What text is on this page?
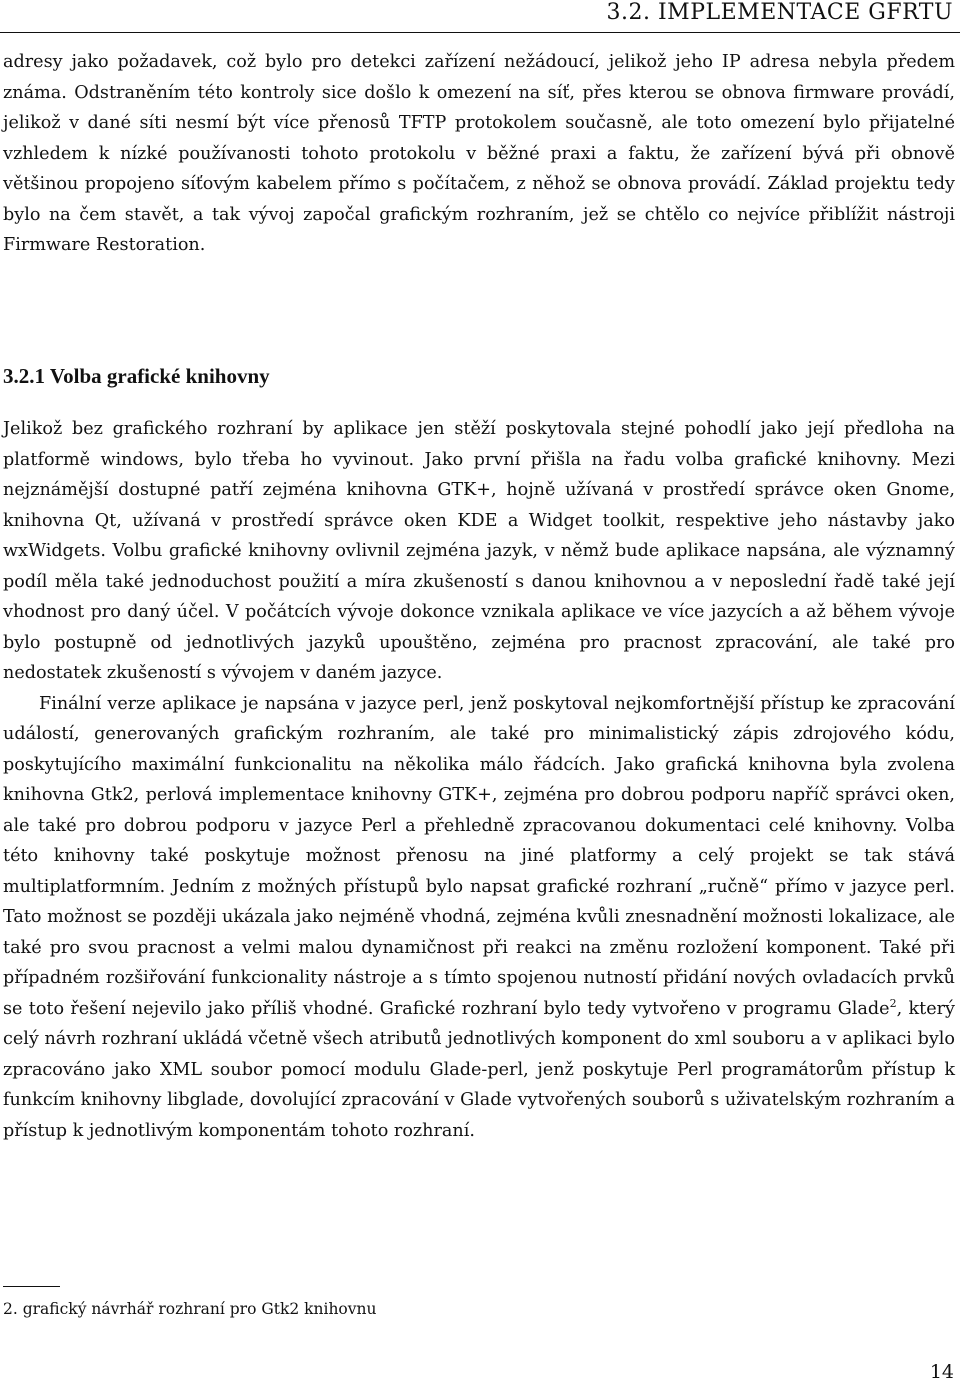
3.2. IMPLEMENTACE GFRTU

adresy jako požadavek, což bylo pro detekci zařízení nežádoucí, jelikož jeho IP adresa nebyla předem známa. Odstraněním této kontroly sice došlo k omezení na síť, přes kterou se obnova firmware provádí, jelikož v dané síti nesmí být více přenosů TFTP protokolem současně, ale toto omezení bylo přijatelné vzhledem k nízké používanosti tohoto protokolu v běžné praxi a faktu, že zařízení bývá při obnově většinou propojeno síťovým kabelem přímo s počítačem, z něhož se obnova provádí. Základ projektu tedy bylo na čem stavět, a tak vývoj započal grafickým rozhraním, jež se chtělo co nejvíce přiblížit nástroji Firmware Restoration.

3.2.1 Volba grafické knihovny

Jelikož bez grafického rozhraní by aplikace jen stěží poskytovala stejné pohodlí jako její předloha na platformě windows, bylo třeba ho vyvinout. Jako první přišla na řadu volba grafické knihovny. Mezi nejznámější dostupné patří zejména knihovna GTK+, hojně užívaná v prostředí správce oken Gnome, knihovna Qt, užívaná v prostředí správce oken KDE a Widget toolkit, respektive jeho nástavby jako wxWidgets. Volbu grafické knihovny ovlivnil zejména jazyk, v němž bude aplikace napsána, ale významný podíl měla také jednoduchost použití a míra zkušeností s danou knihovnou a v neposlední řadě také její vhodnost pro daný účel. V počátcích vývoje dokonce vznikala aplikace ve více jazycích a až během vývoje bylo postupně od jednotlivých jazyků upouštěno, zejména pro pracnost zpracování, ale také pro nedostatek zkušeností s vývojem v daném jazyce.

Finální verze aplikace je napsána v jazyce perl, jenž poskytoval nejkomfortnější přístup ke zpracování událostí, generovaných grafickým rozhraním, ale také pro minimalistický zápis zdrojového kódu, poskytujícího maximální funkcionalitu na několika málo řádcích. Jako grafická knihovna byla zvolena knihovna Gtk2, perlová implementace knihovny GTK+, zejména pro dobrou podporu napříč správci oken, ale také pro dobrou podporu v jazyce Perl a přehledně zpracovanou dokumentaci celé knihovny. Volba této knihovny také poskytuje možnost přenosu na jiné platformy a celý projekt se tak stává multiplatformním. Jedním z možných přístupů bylo napsat grafické rozhraní „ručně“ přímo v jazyce perl. Tato možnost se později ukázala jako nejméně vhodná, zejména kvůli znesnadnění možnosti lokalizace, ale také pro svou pracnost a velmi malou dynamičnost při reakci na změnu rozložení komponent. Také při případném rozšiřování funkcionality nástroje a s tímto spojenou nutností přidání nových ovladacích prvků se toto řešení nejevilo jako příliš vhodné. Grafické rozhraní bylo tedy vytvořeno v programu Glade$^2$, který celý návrh rozhraní ukládá včetně všech atributů jednotlivých komponent do xml souboru a v aplikaci bylo zpracováno jako XML soubor pomocí modulu Glade-perl, jenž poskytuje Perl programátorům přístup k funkcím knihovny libglade, dovolující zpracování v Glade vytvořených souborů s uživatelským rozhraním a přístup k jednotlivým komponentám tohoto rozhraní.

2. grafický návrhář rozhraní pro Gtk2 knihovnu

14
